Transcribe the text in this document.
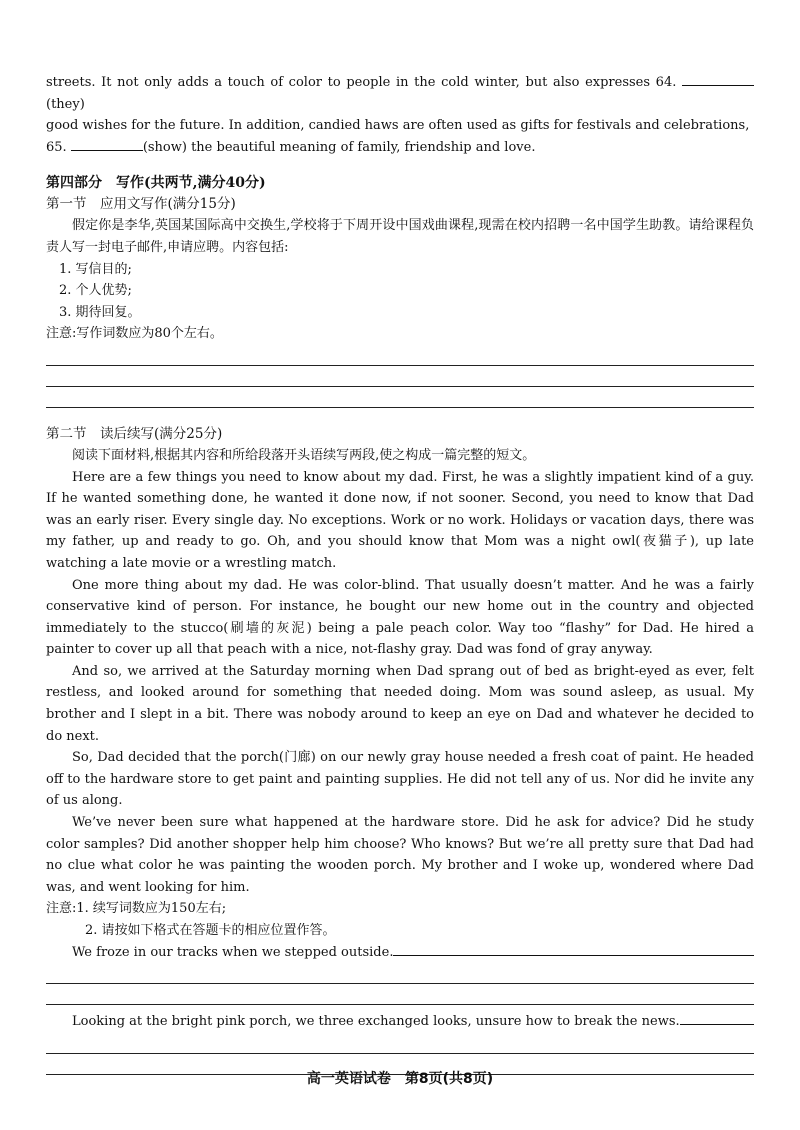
streets. It not only adds a touch of color to people in the cold winter, but also expresses 64. (they)

good wishes for the future. In addition, candied haws are often used as gifts for festivals and celebrations,

65.	(show) the beautiful meaning of family, friendship and love.

第四部分　写作(共两节,满分40分)

第一节　应用文写作(满分15分)

假定你是李华,英国某国际高中交换生,学校将于下周开设中国戏曲课程,现需在校内招聘一名中国学生助教。请给课程负责人写一封电子邮件,申请应聘。内容包括:

1. 写信目的;

2. 个人优势;

3. 期待回复。

注意:写作词数应为80个左右。

第二节　读后续写(满分25分)

阅读下面材料,根据其内容和所给段落开头语续写两段,使之构成一篇完整的短文。

Here are a few things you need to know about my dad. First, he was a slightly impatient kind of a guy. If he wanted something done, he wanted it done now, if not sooner. Second, you need to know that Dad was an early riser. Every single day. No exceptions. Work or no work. Holidays or vacation days, there was my father, up and ready to go. Oh, and you should know that Mom was a night owl(夜猫子), up late watching a late movie or a wrestling match.

One more thing about my dad. He was color-blind. That usually doesn’t matter. And he was a fairly conservative kind of person. For instance, he bought our new home out in the country and objected immediately to the stucco(刷墙的灰泥) being a pale peach color. Way too “flashy” for Dad. He hired a painter to cover up all that peach with a nice, not-flashy gray. Dad was fond of gray anyway.

And so, we arrived at the Saturday morning when Dad sprang out of bed as bright-eyed as ever, felt restless, and looked around for something that needed doing. Mom was sound asleep, as usual. My brother and I slept in a bit. There was nobody around to keep an eye on Dad and whatever he decided to do next.

So, Dad decided that the porch(门廊) on our newly gray house needed a fresh coat of paint. He headed off to the hardware store to get paint and painting supplies. He did not tell any of us. Nor did he invite any of us along.

We’ve never been sure what happened at the hardware store. Did he ask for advice? Did he study color samples? Did another shopper help him choose? Who knows? But we’re all pretty sure that Dad had no clue what color he was painting the wooden porch. My brother and I woke up, wondered where Dad was, and went looking for him.

注意:1. 续写词数应为150左右;

2. 请按如下格式在答题卡的相应位置作答。

We froze in our tracks when we stepped outside.

Looking at the bright pink porch, we three exchanged looks, unsure how to break the news.

高一英语试卷　第8页(共8页)
